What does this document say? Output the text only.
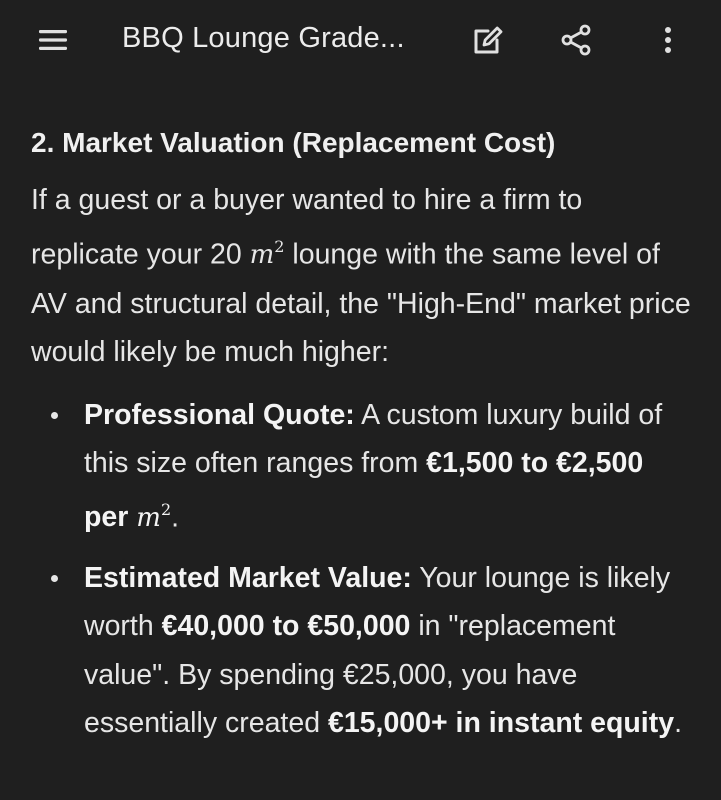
BBQ Lounge Grade...
2. Market Valuation (Replacement Cost)

If a guest or a buyer wanted to hire a firm to replicate your 20 $m^2$ lounge with the same level of AV and structural detail, the "High-End" market price would likely be much higher:

Professional Quote: A custom luxury build of this size often ranges from €1,500 to €2,500 per $m^2$.
Estimated Market Value: Your lounge is likely worth €40,000 to €50,000 in "replacement value". By spending €25,000, you have essentially created €15,000+ in instant equity.
